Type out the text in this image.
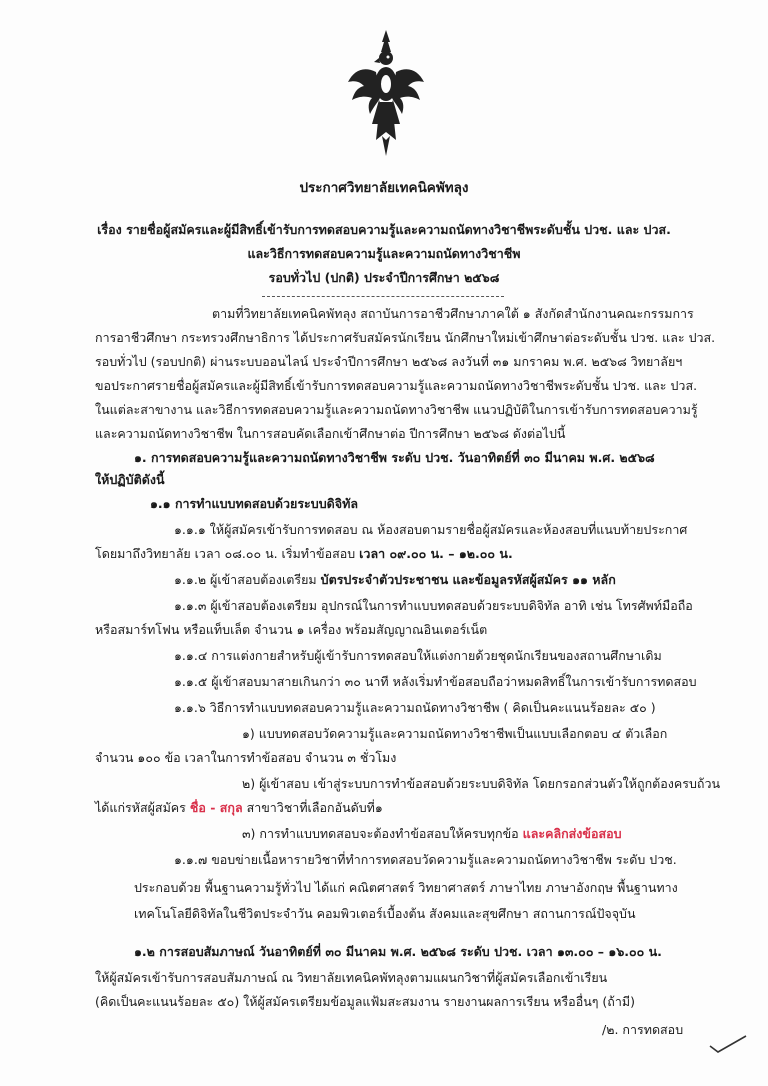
ประกาศวิทยาลัยเทคนิคพัทลุง
เรื่อง รายชื่อผู้สมัครและผู้มีสิทธิ์เข้ารับการทดสอบความรู้และความถนัดทางวิชาชีพระดับชั้น ปวช. และ ปวส.
และวิธีการทดสอบความรู้และความถนัดทางวิชาชีพ
รอบทั่วไป (ปกติ) ประจำปีการศึกษา ๒๕๖๘
ตามที่วิทยาลัยเทคนิคพัทลุง สถาบันการอาชีวศึกษาภาคใต้ ๑ สังกัดสำนักงานคณะกรรมการ
การอาชีวศึกษา กระทรวงศึกษาธิการ ได้ประกาศรับสมัครนักเรียน นักศึกษาใหม่เข้าศึกษาต่อระดับชั้น ปวช. และ ปวส.
รอบทั่วไป (รอบปกติ) ผ่านระบบออนไลน์ ประจำปีการศึกษา ๒๕๖๘ ลงวันที่ ๓๑ มกราคม พ.ศ. ๒๕๖๘ วิทยาลัยฯ
ขอประกาศรายชื่อผู้สมัครและผู้มีสิทธิ์เข้ารับการทดสอบความรู้และความถนัดทางวิชาชีพระดับชั้น ปวช. และ ปวส.
ในแต่ละสาขางาน และวิธีการทดสอบความรู้และความถนัดทางวิชาชีพ แนวปฏิบัติในการเข้ารับการทดสอบความรู้
และความถนัดทางวิชาชีพ ในการสอบคัดเลือกเข้าศึกษาต่อ ปีการศึกษา ๒๕๖๘ ดังต่อไปนี้
๑. การทดสอบความรู้และความถนัดทางวิชาชีพ ระดับ ปวช. วันอาทิตย์ที่ ๓๐ มีนาคม พ.ศ. ๒๕๖๘
ให้ปฏิบัติดังนี้
๑.๑ การทำแบบทดสอบด้วยระบบดิจิทัล
๑.๑.๑ ให้ผู้สมัครเข้ารับการทดสอบ ณ ห้องสอบตามรายชื่อผู้สมัครและห้องสอบที่แนบท้ายประกาศ
โดยมาถึงวิทยาลัย เวลา ๐๘.๐๐ น. เริ่มทำข้อสอบ เวลา ๐๙.๐๐ น. – ๑๒.๐๐ น.
๑.๑.๒ ผู้เข้าสอบต้องเตรียม บัตรประจำตัวประชาชน และข้อมูลรหัสผู้สมัคร ๑๑ หลัก
๑.๑.๓ ผู้เข้าสอบต้องเตรียม อุปกรณ์ในการทำแบบทดสอบด้วยระบบดิจิทัล อาทิ เช่น โทรศัพท์มือถือ
หรือสมาร์ทโฟน หรือแท็บเล็ต จำนวน ๑ เครื่อง พร้อมสัญญาณอินเตอร์เน็ต
๑.๑.๔ การแต่งกายสำหรับผู้เข้ารับการทดสอบให้แต่งกายด้วยชุดนักเรียนของสถานศึกษาเดิม
๑.๑.๕ ผู้เข้าสอบมาสายเกินกว่า ๓๐ นาที หลังเริ่มทำข้อสอบถือว่าหมดสิทธิ์ในการเข้ารับการทดสอบ
๑.๑.๖ วิธีการทำแบบทดสอบความรู้และความถนัดทางวิชาชีพ ( คิดเป็นคะแนนร้อยละ ๕๐ )
๑) แบบทดสอบวัดความรู้และความถนัดทางวิชาชีพเป็นแบบเลือกตอบ ๔ ตัวเลือก
จำนวน ๑๐๐ ข้อ เวลาในการทำข้อสอบ จำนวน ๓ ชั่วโมง
๒) ผู้เข้าสอบ เข้าสู่ระบบการทำข้อสอบด้วยระบบดิจิทัล โดยกรอกส่วนตัวให้ถูกต้องครบถ้วน
ได้แก่รหัสผู้สมัคร ชื่อ - สกุล สาขาวิชาที่เลือกอันดับที่๑
๓) การทำแบบทดสอบจะต้องทำข้อสอบให้ครบทุกข้อ และคลิกส่งข้อสอบ
๑.๑.๗ ขอบข่ายเนื้อหารายวิชาที่ทำการทดสอบวัดความรู้และความถนัดทางวิชาชีพ ระดับ ปวช.
ประกอบด้วย พื้นฐานความรู้ทั่วไป ได้แก่ คณิตศาสตร์ วิทยาศาสตร์ ภาษาไทย ภาษาอังกฤษ พื้นฐานทาง
เทคโนโลยีดิจิทัลในชีวิตประจำวัน คอมพิวเตอร์เบื้องต้น สังคมและสุขศึกษา สถานการณ์ปัจจุบัน
๑.๒ การสอบสัมภาษณ์ วันอาทิตย์ที่ ๓๐ มีนาคม พ.ศ. ๒๕๖๘ ระดับ ปวช. เวลา ๑๓.๐๐ – ๑๖.๐๐ น.
ให้ผู้สมัครเข้ารับการสอบสัมภาษณ์ ณ วิทยาลัยเทคนิคพัทลุงตามแผนกวิชาที่ผู้สมัครเลือกเข้าเรียน
(คิดเป็นคะแนนร้อยละ ๕๐) ให้ผู้สมัครเตรียมข้อมูลแฟ้มสะสมงาน รายงานผลการเรียน หรืออื่นๆ (ถ้ามี)
/๒. การทดสอบ
